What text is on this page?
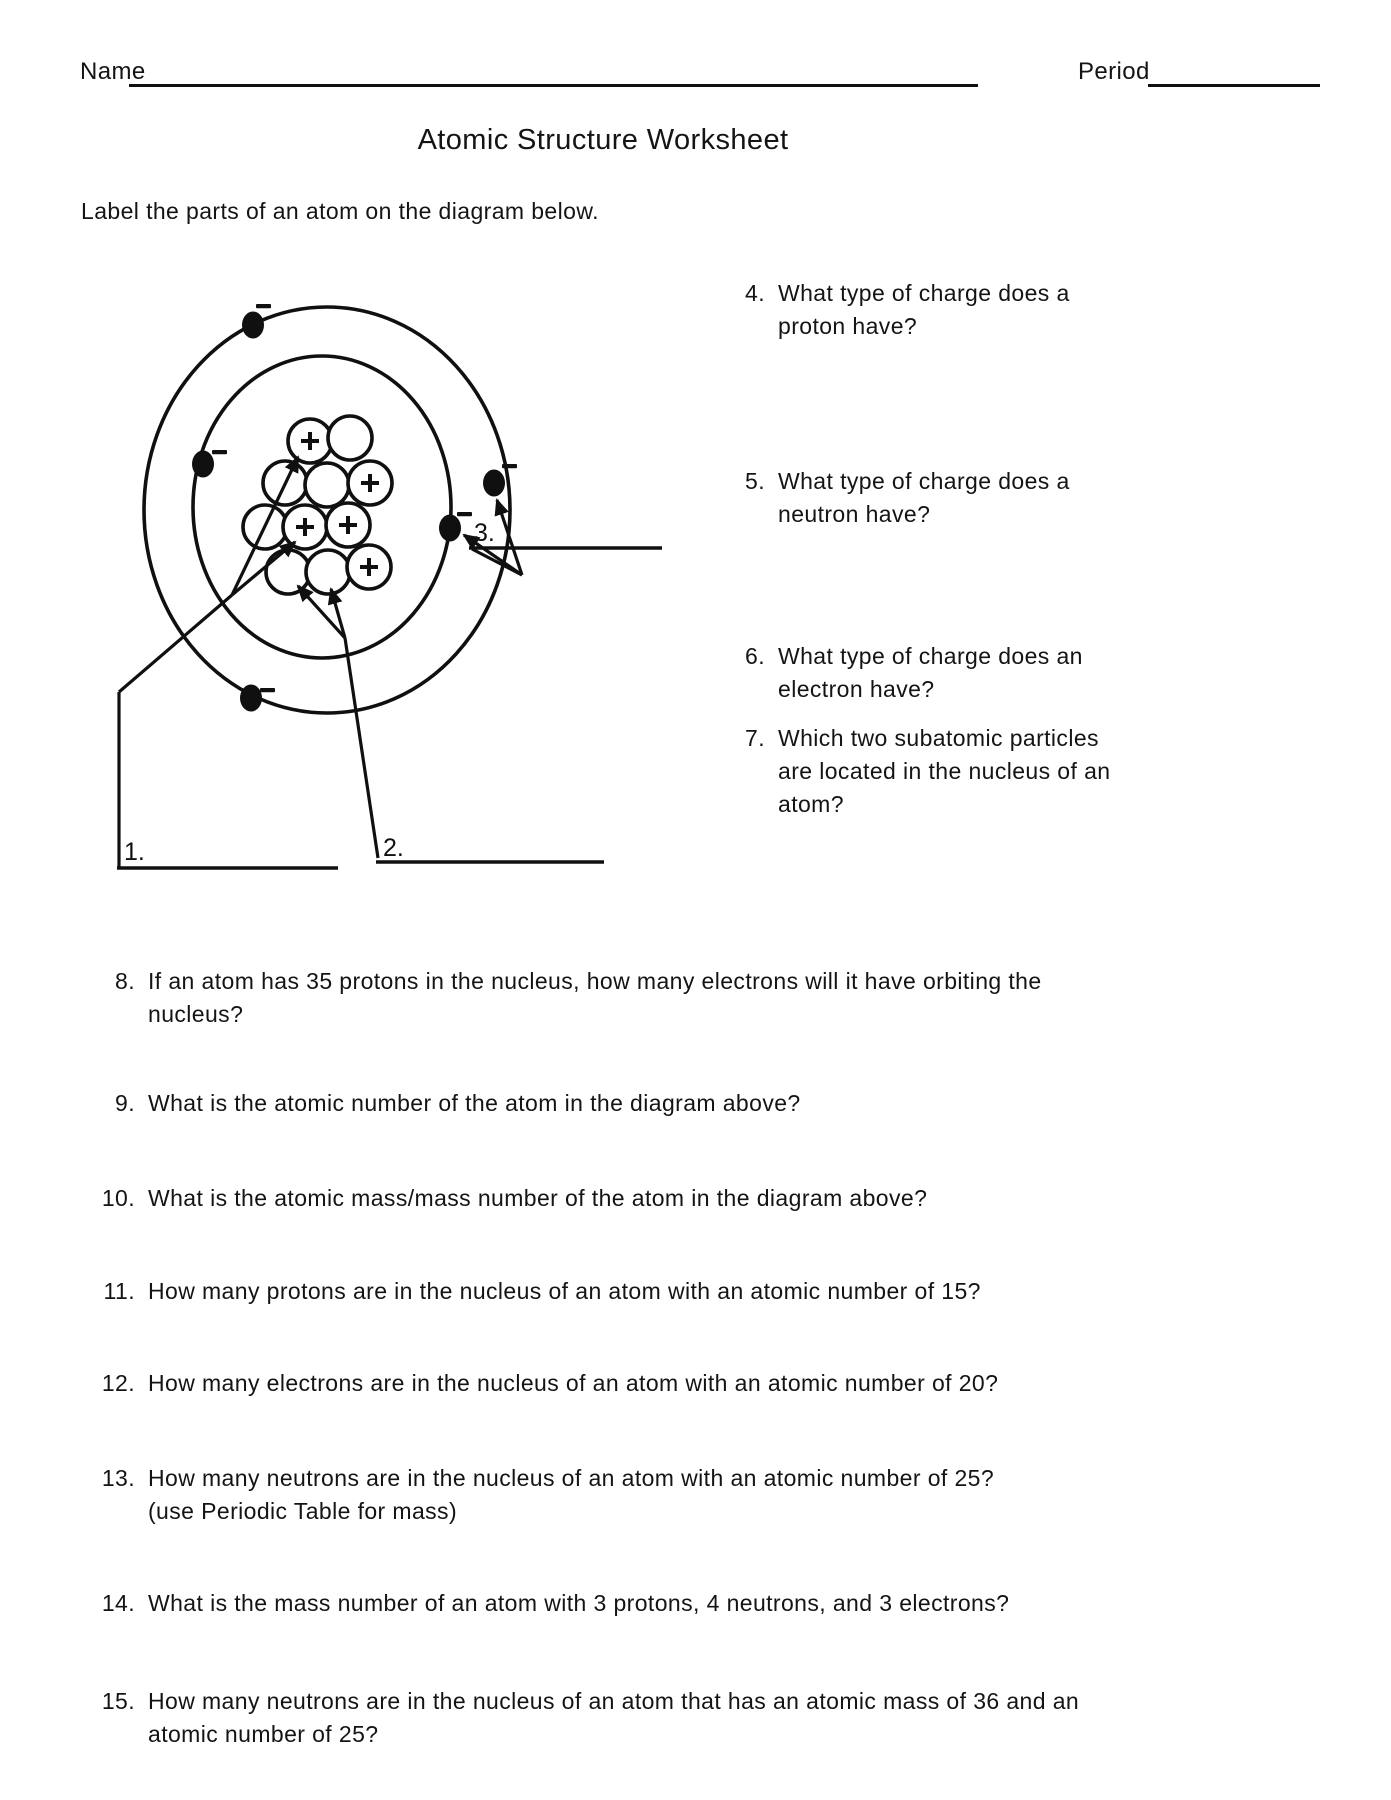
Name	Period
Atomic Structure Worksheet
Label the parts of an atom on the diagram below.
1.	2.
3.
4. What type of charge does a
proton have?
5. What type of charge does a
neutron have?
6. What type of charge does an
electron have?
7. Which two subatomic particles
are located in the nucleus of an
atom?
8. If an atom has 35 protons in the nucleus, how many electrons will it have orbiting the
nucleus?
9. What is the atomic number of the atom in the diagram above?
10. What is the atomic mass/mass number of the atom in the diagram above?
11. How many protons are in the nucleus of an atom with an atomic number of 15?
12. How many electrons are in the nucleus of an atom with an atomic number of 20?
13. How many neutrons are in the nucleus of an atom with an atomic number of 25?
(use Periodic Table for mass)
14. What is the mass number of an atom with 3 protons, 4 neutrons, and 3 electrons?
15. How many neutrons are in the nucleus of an atom that has an atomic mass of 36 and an
atomic number of 25?
